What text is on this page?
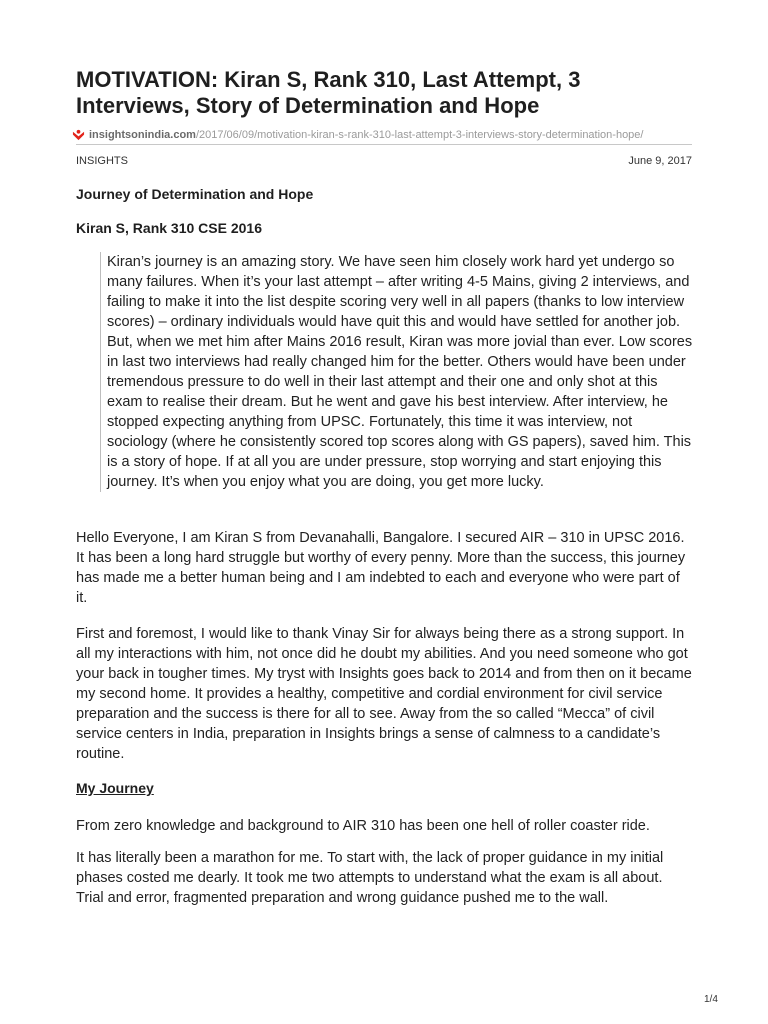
MOTIVATION: Kiran S, Rank 310, Last Attempt, 3 Interviews, Story of Determination and Hope
insightsonindia.com /2017/06/09/motivation-kiran-s-rank-310-last-attempt-3-interviews-story-determination-hope/
INSIGHTS	June 9, 2017

Journey of Determination and Hope

Kiran S, Rank 310 CSE 2016

Kiran’s journey is an amazing story. We have seen him closely work hard yet undergo so many failures. When it’s your last attempt – after writing 4-5 Mains, giving 2 interviews, and failing to make it into the list despite scoring very well in all papers (thanks to low interview scores) – ordinary individuals would have quit this and would have settled for another job. But, when we met him after Mains 2016 result, Kiran was more jovial than ever. Low scores in last two interviews had really changed him for the better. Others would have been under tremendous pressure to do well in their last attempt and their one and only shot at this exam to realise their dream. But he went and gave his best interview. After interview, he stopped expecting anything from UPSC. Fortunately, this time it was interview, not sociology (where he consistently scored top scores along with GS papers), saved him. This is a story of hope. If at all you are under pressure, stop worrying and start enjoying this journey. It’s when you enjoy what you are doing, you get more lucky.

Hello Everyone, I am Kiran S from Devanahalli, Bangalore. I secured AIR – 310 in UPSC 2016. It has been a long hard struggle but worthy of every penny. More than the success, this journey has made me a better human being and I am indebted to each and everyone who were part of it.

First and foremost, I would like to thank Vinay Sir for always being there as a strong support. In all my interactions with him, not once did he doubt my abilities. And you need someone who got your back in tougher times. My tryst with Insights goes back to 2014 and from then on it became my second home. It provides a healthy, competitive and cordial environment for civil service preparation and the success is there for all to see. Away from the so called “Mecca” of civil service centers in India, preparation in Insights brings a sense of calmness to a candidate’s routine.

My Journey

From zero knowledge and background to AIR 310 has been one hell of roller coaster ride.

It has literally been a marathon for me. To start with, the lack of proper guidance in my initial phases costed me dearly. It took me two attempts to understand what the exam is all about. Trial and error, fragmented preparation and wrong guidance pushed me to the wall.

1/4
